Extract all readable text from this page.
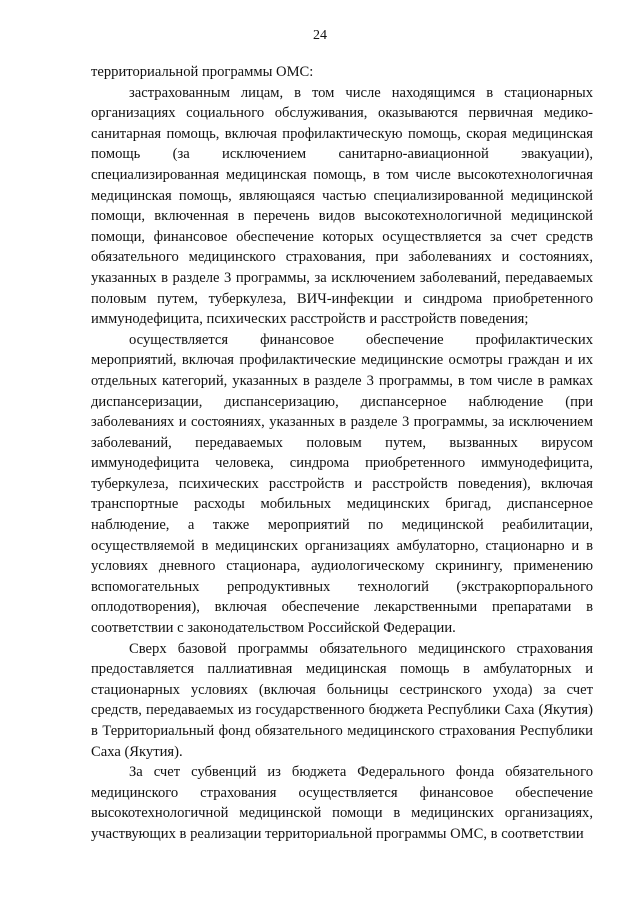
24

территориальной программы ОМС:

застрахованным лицам, в том числе находящимся в стационарных организациях социального обслуживания, оказываются первичная медико-санитарная помощь, включая профилактическую помощь, скорая медицинская помощь (за исключением санитарно-авиационной эвакуации), специализированная медицинская помощь, в том числе высокотехнологичная медицинская помощь, являющаяся частью специализированной медицинской помощи, включенная в перечень видов высокотехнологичной медицинской помощи, финансовое обеспечение которых осуществляется за счет средств обязательного медицинского страхования, при заболеваниях и состояниях, указанных в разделе 3 программы, за исключением заболеваний, передаваемых половым путем, туберкулеза, ВИЧ-инфекции и синдрома приобретенного иммунодефицита, психических расстройств и расстройств поведения;

осуществляется финансовое обеспечение профилактических мероприятий, включая профилактические медицинские осмотры граждан и их отдельных категорий, указанных в разделе 3 программы, в том числе в рамках диспансеризации, диспансеризацию, диспансерное наблюдение (при заболеваниях и состояниях, указанных в разделе 3 программы, за исключением заболеваний, передаваемых половым путем, вызванных вирусом иммунодефицита человека, синдрома приобретенного иммунодефицита, туберкулеза, психических расстройств и расстройств поведения), включая транспортные расходы мобильных медицинских бригад, диспансерное наблюдение, а также мероприятий по медицинской реабилитации, осуществляемой в медицинских организациях амбулаторно, стационарно и в условиях дневного стационара, аудиологическому скринингу, применению вспомогательных репродуктивных технологий (экстракорпорального оплодотворения), включая обеспечение лекарственными препаратами в соответствии с законодательством Российской Федерации.

Сверх базовой программы обязательного медицинского страхования предоставляется паллиативная медицинская помощь в амбулаторных и стационарных условиях (включая больницы сестринского ухода) за счет средств, передаваемых из государственного бюджета Республики Саха (Якутия) в Территориальный фонд обязательного медицинского страхования Республики Саха (Якутия).

За счет субвенций из бюджета Федерального фонда обязательного медицинского страхования осуществляется финансовое обеспечение высокотехнологичной медицинской помощи в медицинских организациях, участвующих в реализации территориальной программы ОМС, в соответствии
